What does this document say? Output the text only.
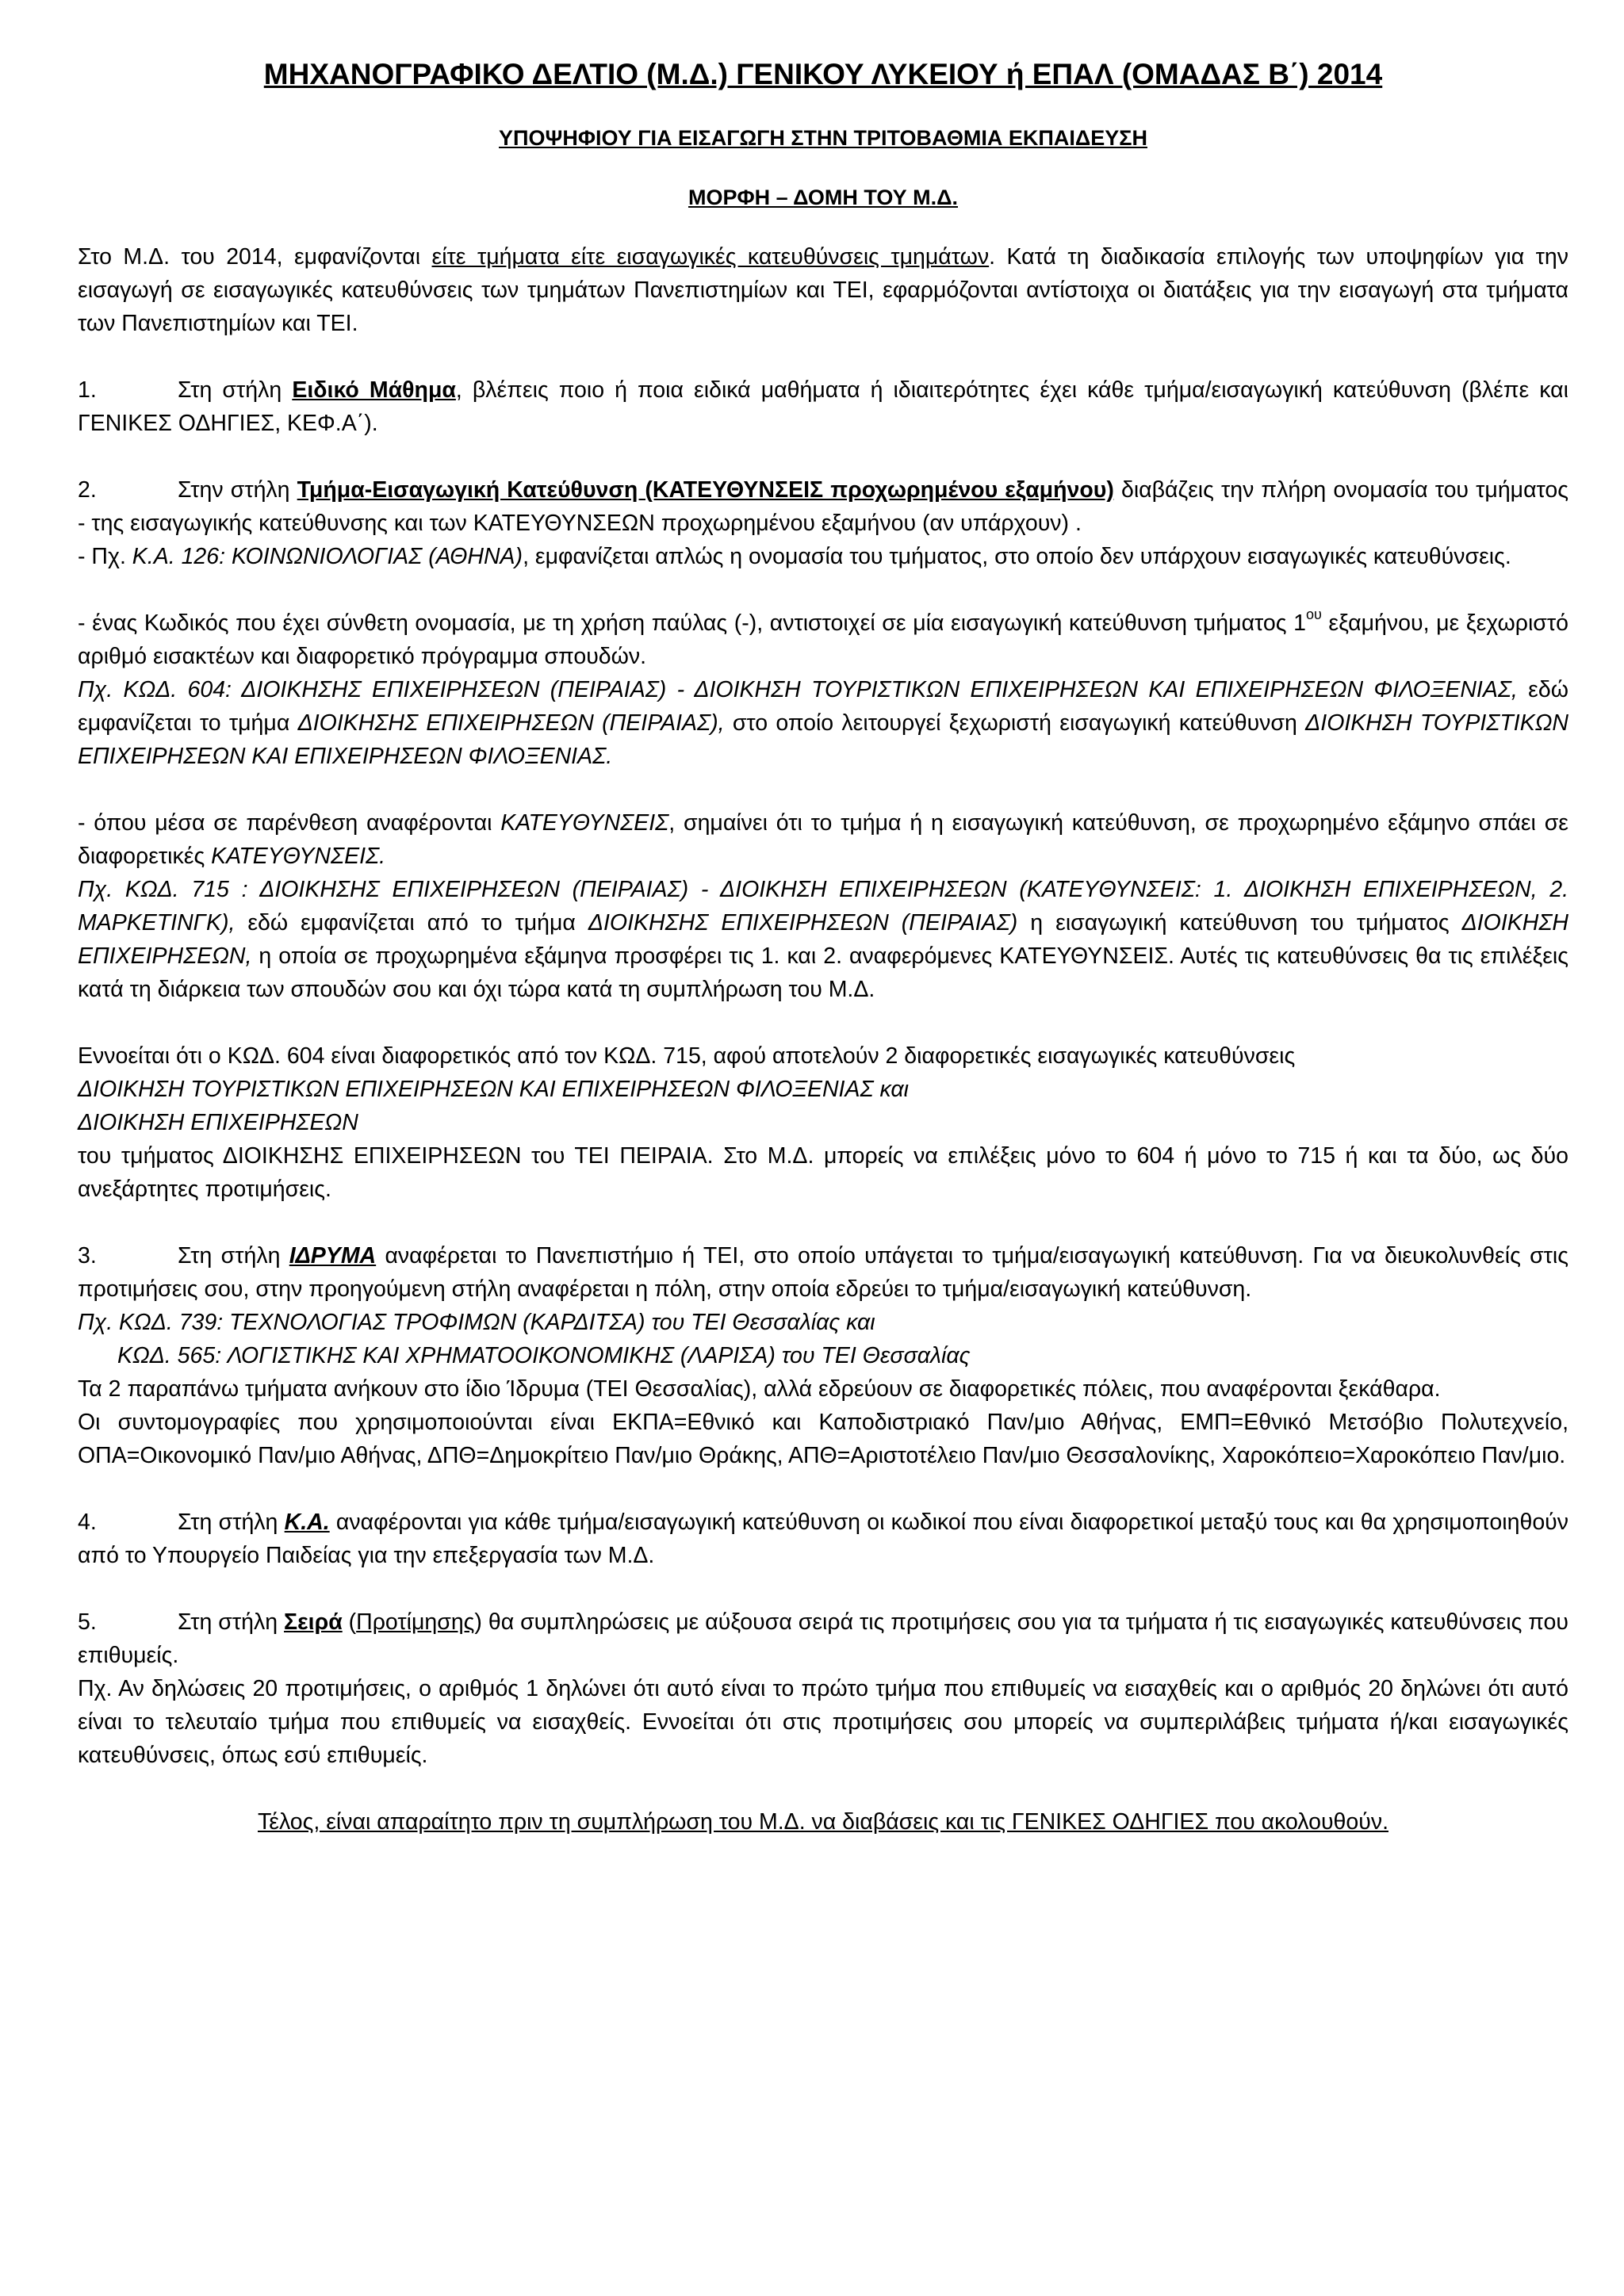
ΜΗΧΑΝΟΓΡΑΦΙΚΟ ΔΕΛΤΙΟ (Μ.Δ.) ΓΕΝΙΚΟΥ ΛΥΚΕΙΟΥ ή ΕΠΑΛ (ΟΜΑΔΑΣ Β΄) 2014
ΥΠΟΨΗΦΙΟΥ ΓΙΑ ΕΙΣΑΓΩΓΗ ΣΤΗΝ ΤΡΙΤΟΒΑΘΜΙΑ ΕΚΠΑΙΔΕΥΣΗ
ΜΟΡΦΗ – ΔΟΜΗ ΤΟΥ Μ.Δ.

Στο Μ.Δ. του 2014, εμφανίζονται είτε τμήματα είτε εισαγωγικές κατευθύνσεις τμημάτων. Κατά τη διαδικασία επιλογής των υποψηφίων για την εισαγωγή σε εισαγωγικές κατευθύνσεις των τμημάτων Πανεπιστημίων και ΤΕΙ, εφαρμόζονται αντίστοιχα οι διατάξεις για την εισαγωγή στα τμήματα των Πανεπιστημίων και ΤΕΙ.

1.	Στη στήλη Ειδικό Μάθημα, βλέπεις ποιο ή ποια ειδικά μαθήματα ή ιδιαιτερότητες έχει κάθε τμήμα/εισαγωγική κατεύθυνση (βλέπε και ΓΕΝΙΚΕΣ ΟΔΗΓΙΕΣ, ΚΕΦ.Α΄).

2.	Στην στήλη Τμήμα-Εισαγωγική Κατεύθυνση (ΚΑΤΕΥΘΥΝΣΕΙΣ προχωρημένου εξαμήνου) διαβάζεις την πλήρη ονομασία του τμήματος - της εισαγωγικής κατεύθυνσης και των ΚΑΤΕΥΘΥΝΣΕΩΝ προχωρημένου εξαμήνου (αν υπάρχουν) .

- Πχ. Κ.Α. 126: ΚΟΙΝΩΝΙΟΛΟΓΙΑΣ (ΑΘΗΝΑ), εμφανίζεται απλώς η ονομασία του τμήματος, στο οποίο δεν υπάρχουν εισαγωγικές κατευθύνσεις.

- ένας Κωδικός που έχει σύνθετη ονομασία, με τη χρήση παύλας (-), αντιστοιχεί σε μία εισαγωγική κατεύθυνση τμήματος $1^{o\upsilon}$ εξαμήνου, με ξεχωριστό αριθμό εισακτέων και διαφορετικό πρόγραμμα σπουδών.

Πχ. ΚΩΔ. 604: ΔΙΟΙΚΗΣΗΣ ΕΠΙΧΕΙΡΗΣΕΩΝ (ΠΕΙΡΑΙΑΣ) - ΔΙΟΙΚΗΣΗ ΤΟΥΡΙΣΤΙΚΩΝ ΕΠΙΧΕΙΡΗΣΕΩΝ ΚΑΙ ΕΠΙΧΕΙΡΗΣΕΩΝ ΦΙΛΟΞΕΝΙΑΣ, εδώ εμφανίζεται το τμήμα ΔΙΟΙΚΗΣΗΣ ΕΠΙΧΕΙΡΗΣΕΩΝ (ΠΕΙΡΑΙΑΣ), στο οποίο λειτουργεί ξεχωριστή εισαγωγική κατεύθυνση ΔΙΟΙΚΗΣΗ ΤΟΥΡΙΣΤΙΚΩΝ ΕΠΙΧΕΙΡΗΣΕΩΝ ΚΑΙ ΕΠΙΧΕΙΡΗΣΕΩΝ ΦΙΛΟΞΕΝΙΑΣ.

- όπου μέσα σε παρένθεση αναφέρονται ΚΑΤΕΥΘΥΝΣΕΙΣ, σημαίνει ότι το τμήμα ή η εισαγωγική κατεύθυνση, σε προχωρημένο εξάμηνο σπάει σε διαφορετικές ΚΑΤΕΥΘΥΝΣΕΙΣ.

Πχ. ΚΩΔ. 715 : ΔΙΟΙΚΗΣΗΣ ΕΠΙΧΕΙΡΗΣΕΩΝ (ΠΕΙΡΑΙΑΣ) - ΔΙΟΙΚΗΣΗ ΕΠΙΧΕΙΡΗΣΕΩΝ (ΚΑΤΕΥΘΥΝΣΕΙΣ: 1. ΔΙΟΙΚΗΣΗ ΕΠΙΧΕΙΡΗΣΕΩΝ, 2. ΜΑΡΚΕΤΙΝΓΚ), εδώ εμφανίζεται από το τμήμα ΔΙΟΙΚΗΣΗΣ ΕΠΙΧΕΙΡΗΣΕΩΝ (ΠΕΙΡΑΙΑΣ) η εισαγωγική κατεύθυνση του τμήματος ΔΙΟΙΚΗΣΗ ΕΠΙΧΕΙΡΗΣΕΩΝ, η οποία σε προχωρημένα εξάμηνα προσφέρει τις 1. και 2. αναφερόμενες ΚΑΤΕΥΘΥΝΣΕΙΣ. Αυτές τις κατευθύνσεις θα τις επιλέξεις κατά τη διάρκεια των σπουδών σου και όχι τώρα κατά τη συμπλήρωση του Μ.Δ.

Εννοείται ότι ο ΚΩΔ. 604 είναι διαφορετικός από τον ΚΩΔ. 715, αφού αποτελούν 2 διαφορετικές εισαγωγικές κατευθύνσεις

ΔΙΟΙΚΗΣΗ ΤΟΥΡΙΣΤΙΚΩΝ ΕΠΙΧΕΙΡΗΣΕΩΝ ΚΑΙ ΕΠΙΧΕΙΡΗΣΕΩΝ ΦΙΛΟΞΕΝΙΑΣ και

ΔΙΟΙΚΗΣΗ ΕΠΙΧΕΙΡΗΣΕΩΝ

του τμήματος ΔΙΟΙΚΗΣΗΣ ΕΠΙΧΕΙΡΗΣΕΩΝ του ΤΕΙ ΠΕΙΡΑΙΑ. Στο Μ.Δ. μπορείς να επιλέξεις μόνο το 604 ή μόνο το 715 ή και τα δύο, ως δύο ανεξάρτητες προτιμήσεις.

3.	Στη στήλη ΙΔΡΥΜΑ αναφέρεται το Πανεπιστήμιο ή ΤΕΙ, στο οποίο υπάγεται το τμήμα/εισαγωγική κατεύθυνση. Για να διευκολυνθείς στις προτιμήσεις σου, στην προηγούμενη στήλη αναφέρεται η πόλη, στην οποία εδρεύει το τμήμα/εισαγωγική κατεύθυνση.

Πχ. ΚΩΔ. 739: ΤΕΧΝΟΛΟΓΙΑΣ ΤΡΟΦΙΜΩΝ (ΚΑΡΔΙΤΣΑ) του ΤΕΙ Θεσσαλίας και

ΚΩΔ. 565: ΛΟΓΙΣΤΙΚΗΣ ΚΑΙ ΧΡΗΜΑΤΟΟΙΚΟΝΟΜΙΚΗΣ (ΛΑΡΙΣΑ) του ΤΕΙ Θεσσαλίας

Τα 2 παραπάνω τμήματα ανήκουν στο ίδιο Ίδρυμα (ΤΕΙ Θεσσαλίας), αλλά εδρεύουν σε διαφορετικές πόλεις, που αναφέρονται ξεκάθαρα.

Οι συντομογραφίες που χρησιμοποιούνται είναι ΕΚΠΑ=Εθνικό και Καποδιστριακό Παν/μιο Αθήνας, ΕΜΠ=Εθνικό Μετσόβιο Πολυτεχνείο, ΟΠΑ=Οικονομικό Παν/μιο Αθήνας, ΔΠΘ=Δημοκρίτειο Παν/μιο Θράκης, ΑΠΘ=Αριστοτέλειο Παν/μιο Θεσσαλονίκης, Χαροκόπειο=Χαροκόπειο Παν/μιο.

4.	Στη στήλη Κ.Α. αναφέρονται για κάθε τμήμα/εισαγωγική κατεύθυνση οι κωδικοί που είναι διαφορετικοί μεταξύ τους και θα χρησιμοποιηθούν από το Υπουργείο Παιδείας για την επεξεργασία των Μ.Δ.

5.	Στη στήλη Σειρά (Προτίμησης) θα συμπληρώσεις με αύξουσα σειρά τις προτιμήσεις σου για τα τμήματα ή τις εισαγωγικές κατευθύνσεις που επιθυμείς.

Πχ. Αν δηλώσεις 20 προτιμήσεις, ο αριθμός 1 δηλώνει ότι αυτό είναι το πρώτο τμήμα που επιθυμείς να εισαχθείς και ο αριθμός 20 δηλώνει ότι αυτό είναι το τελευταίο τμήμα που επιθυμείς να εισαχθείς. Εννοείται ότι στις προτιμήσεις σου μπορείς να συμπεριλάβεις τμήματα ή/και εισαγωγικές κατευθύνσεις, όπως εσύ επιθυμείς.

Τέλος, είναι απαραίτητο πριν τη συμπλήρωση του Μ.Δ. να διαβάσεις και τις ΓΕΝΙΚΕΣ ΟΔΗΓΙΕΣ που ακολουθούν.
